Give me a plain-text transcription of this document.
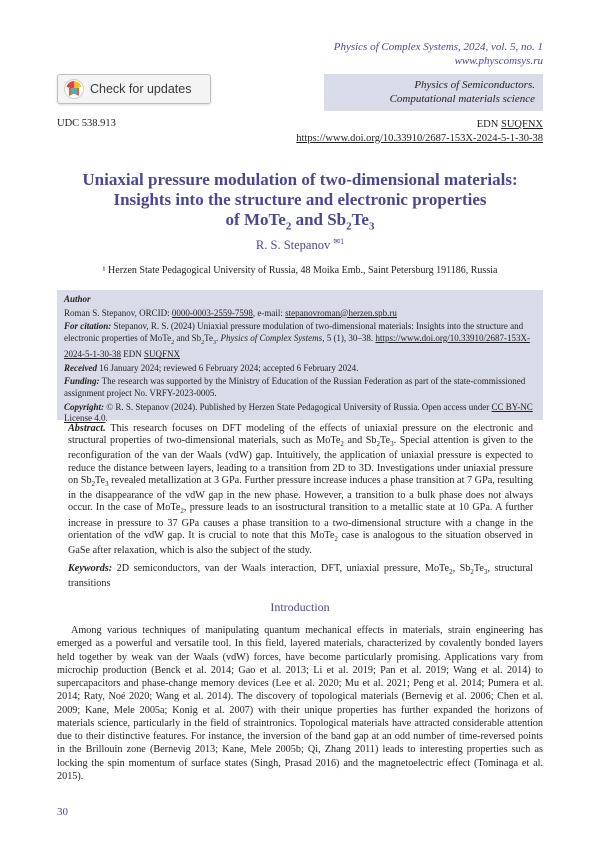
Physics of Complex Systems, 2024, vol. 5, no. 1
www.physcomsys.ru
Check for updates	Physics of Semiconductors.
Computational materials science
UDC 538.913	EDN SUQFNX
https://www.doi.org/10.33910/2687-153X-2024-5-1-30-38
Uniaxial pressure modulation of two-dimensional materials:
Insights into the structure and electronic properties
of MoTe$_2$ and $Sb_2Te_3$
R. S. Stepanov $^{✉1}$
¹ Herzen State Pedagogical University of Russia, 48 Moika Emb., Saint Petersburg 191186, Russia

Author

Roman S. Stepanov, ORCID: 0000-0003-2559-7598, e-mail: stepanovroman@herzen.spb.ru

For citation: Stepanov, R. S. (2024) Uniaxial pressure modulation of two-dimensional materials: Insights into the structure and electronic properties of MoTe$_2$ and $Sb_2Te_3$. Physics of Complex Systems, 5 (1), 30–38. https://www.doi.org/10.33910/2687-153X-2024-5-1-30-38 EDN SUQFNX

Received 16 January 2024; reviewed 6 February 2024; accepted 6 February 2024.

Funding: The research was supported by the Ministry of Education of the Russian Federation as part of the state-commissioned assignment project No. VRFY-2023-0005.

Copyright: © R. S. Stepanov (2024). Published by Herzen State Pedagogical University of Russia. Open access under CC BY-NC License 4.0.

Abstract. This research focuses on DFT modeling of the effects of uniaxial pressure on the electronic and structural properties of two-dimensional materials, such as MoTe$_2$ and $Sb_2Te_3$. Special attention is given to the reconfiguration of the van der Waals (vdW) gap. Intuitively, the application of uniaxial pressure is expected to reduce the distance between layers, leading to a transition from 2D to 3D. Investigations under uniaxial pressure on $Sb_2Te_3$ revealed metallization at 3 GPa. Further pressure increase induces a phase transition at 7 GPa, resulting in the disappearance of the vdW gap in the new phase. However, a transition to a bulk phase does not always occur. In the case of MoTe$_2$, pressure leads to an isostructural transition to a metallic state at 10 GPa. A further increase in pressure to 37 GPa causes a phase transition to a two-dimensional structure with a change in the orientation of the vdW gap. It is crucial to note that this MoTe$_2$ case is analogous to the situation observed in GaSe after relaxation, which is also the subject of the study.

Keywords: 2D semiconductors, van der Waals interaction, DFT, uniaxial pressure, MoTe$_2$, $Sb_2Te_3$, structural transitions

Introduction
Among various techniques of manipulating quantum mechanical effects in materials, strain engineering has emerged as a powerful and versatile tool. In this field, layered materials, characterized by covalently bonded layers held together by weak van der Waals (vdW) forces, have become particularly promising. Applications vary from microchip production (Benck et al. 2014; Gao et al. 2013; Li et al. 2019; Pan et al. 2019; Wang et al. 2014) to supercapacitors and phase-change memory devices (Lee et al. 2020; Mu et al. 2021; Peng et al. 2014; Pumera et al. 2014; Raty, Noé 2020; Wang et al. 2014). The discovery of topological materials (Bernevig et al. 2006; Chen et al. 2009; Kane, Mele 2005a; Konig et al. 2007) with their unique properties has further expanded the horizons of materials science, particularly in the field of straintronics. Topological materials have attracted considerable attention due to their distinctive features. For instance, the inversion of the band gap at an odd number of time-reversed points in the Brillouin zone (Bernevig 2013; Kane, Mele 2005b; Qi, Zhang 2011) leads to interesting properties such as locking the spin momentum of surface states (Singh, Prasad 2016) and the magnetoelectric effect (Tominaga et al. 2015).
30
